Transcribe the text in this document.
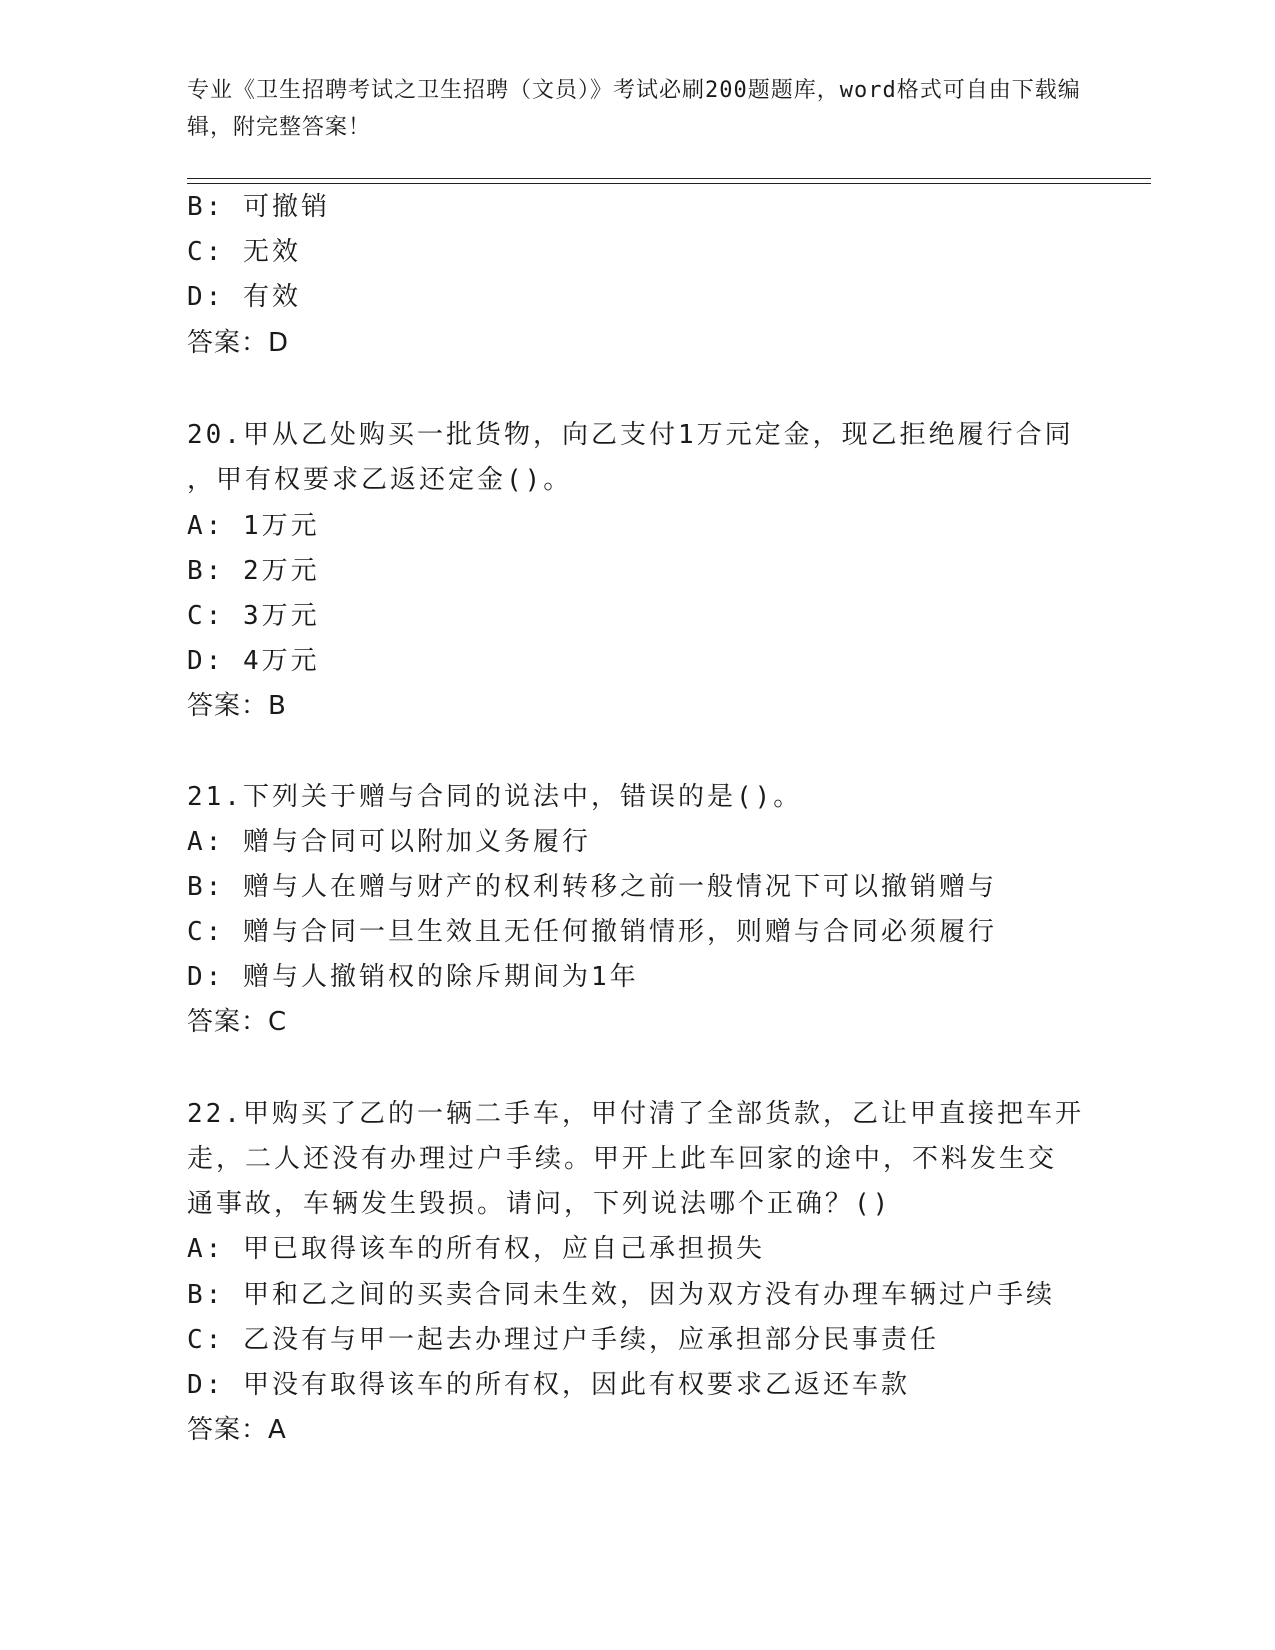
专业《卫生招聘考试之卫生招聘（文员）》考试必刷200题题库，word格式可自由下载编辑，附完整答案！
B: 可撤销
C: 无效
D: 有效
答案：D
20.甲从乙处购买一批货物，向乙支付1万元定金，现乙拒绝履行合同
，甲有权要求乙返还定金()。
A: 1万元
B: 2万元
C: 3万元
D: 4万元
答案：B
21.下列关于赠与合同的说法中，错误的是()。
A: 赠与合同可以附加义务履行
B: 赠与人在赠与财产的权利转移之前一般情况下可以撤销赠与
C: 赠与合同一旦生效且无任何撤销情形，则赠与合同必须履行
D: 赠与人撤销权的除斥期间为1年
答案：C
22.甲购买了乙的一辆二手车，甲付清了全部货款，乙让甲直接把车开
走，二人还没有办理过户手续。甲开上此车回家的途中，不料发生交
通事故，车辆发生毁损。请问，下列说法哪个正确？()
A: 甲已取得该车的所有权，应自己承担损失
B: 甲和乙之间的买卖合同未生效，因为双方没有办理车辆过户手续
C: 乙没有与甲一起去办理过户手续，应承担部分民事责任
D: 甲没有取得该车的所有权，因此有权要求乙返还车款
答案：A
